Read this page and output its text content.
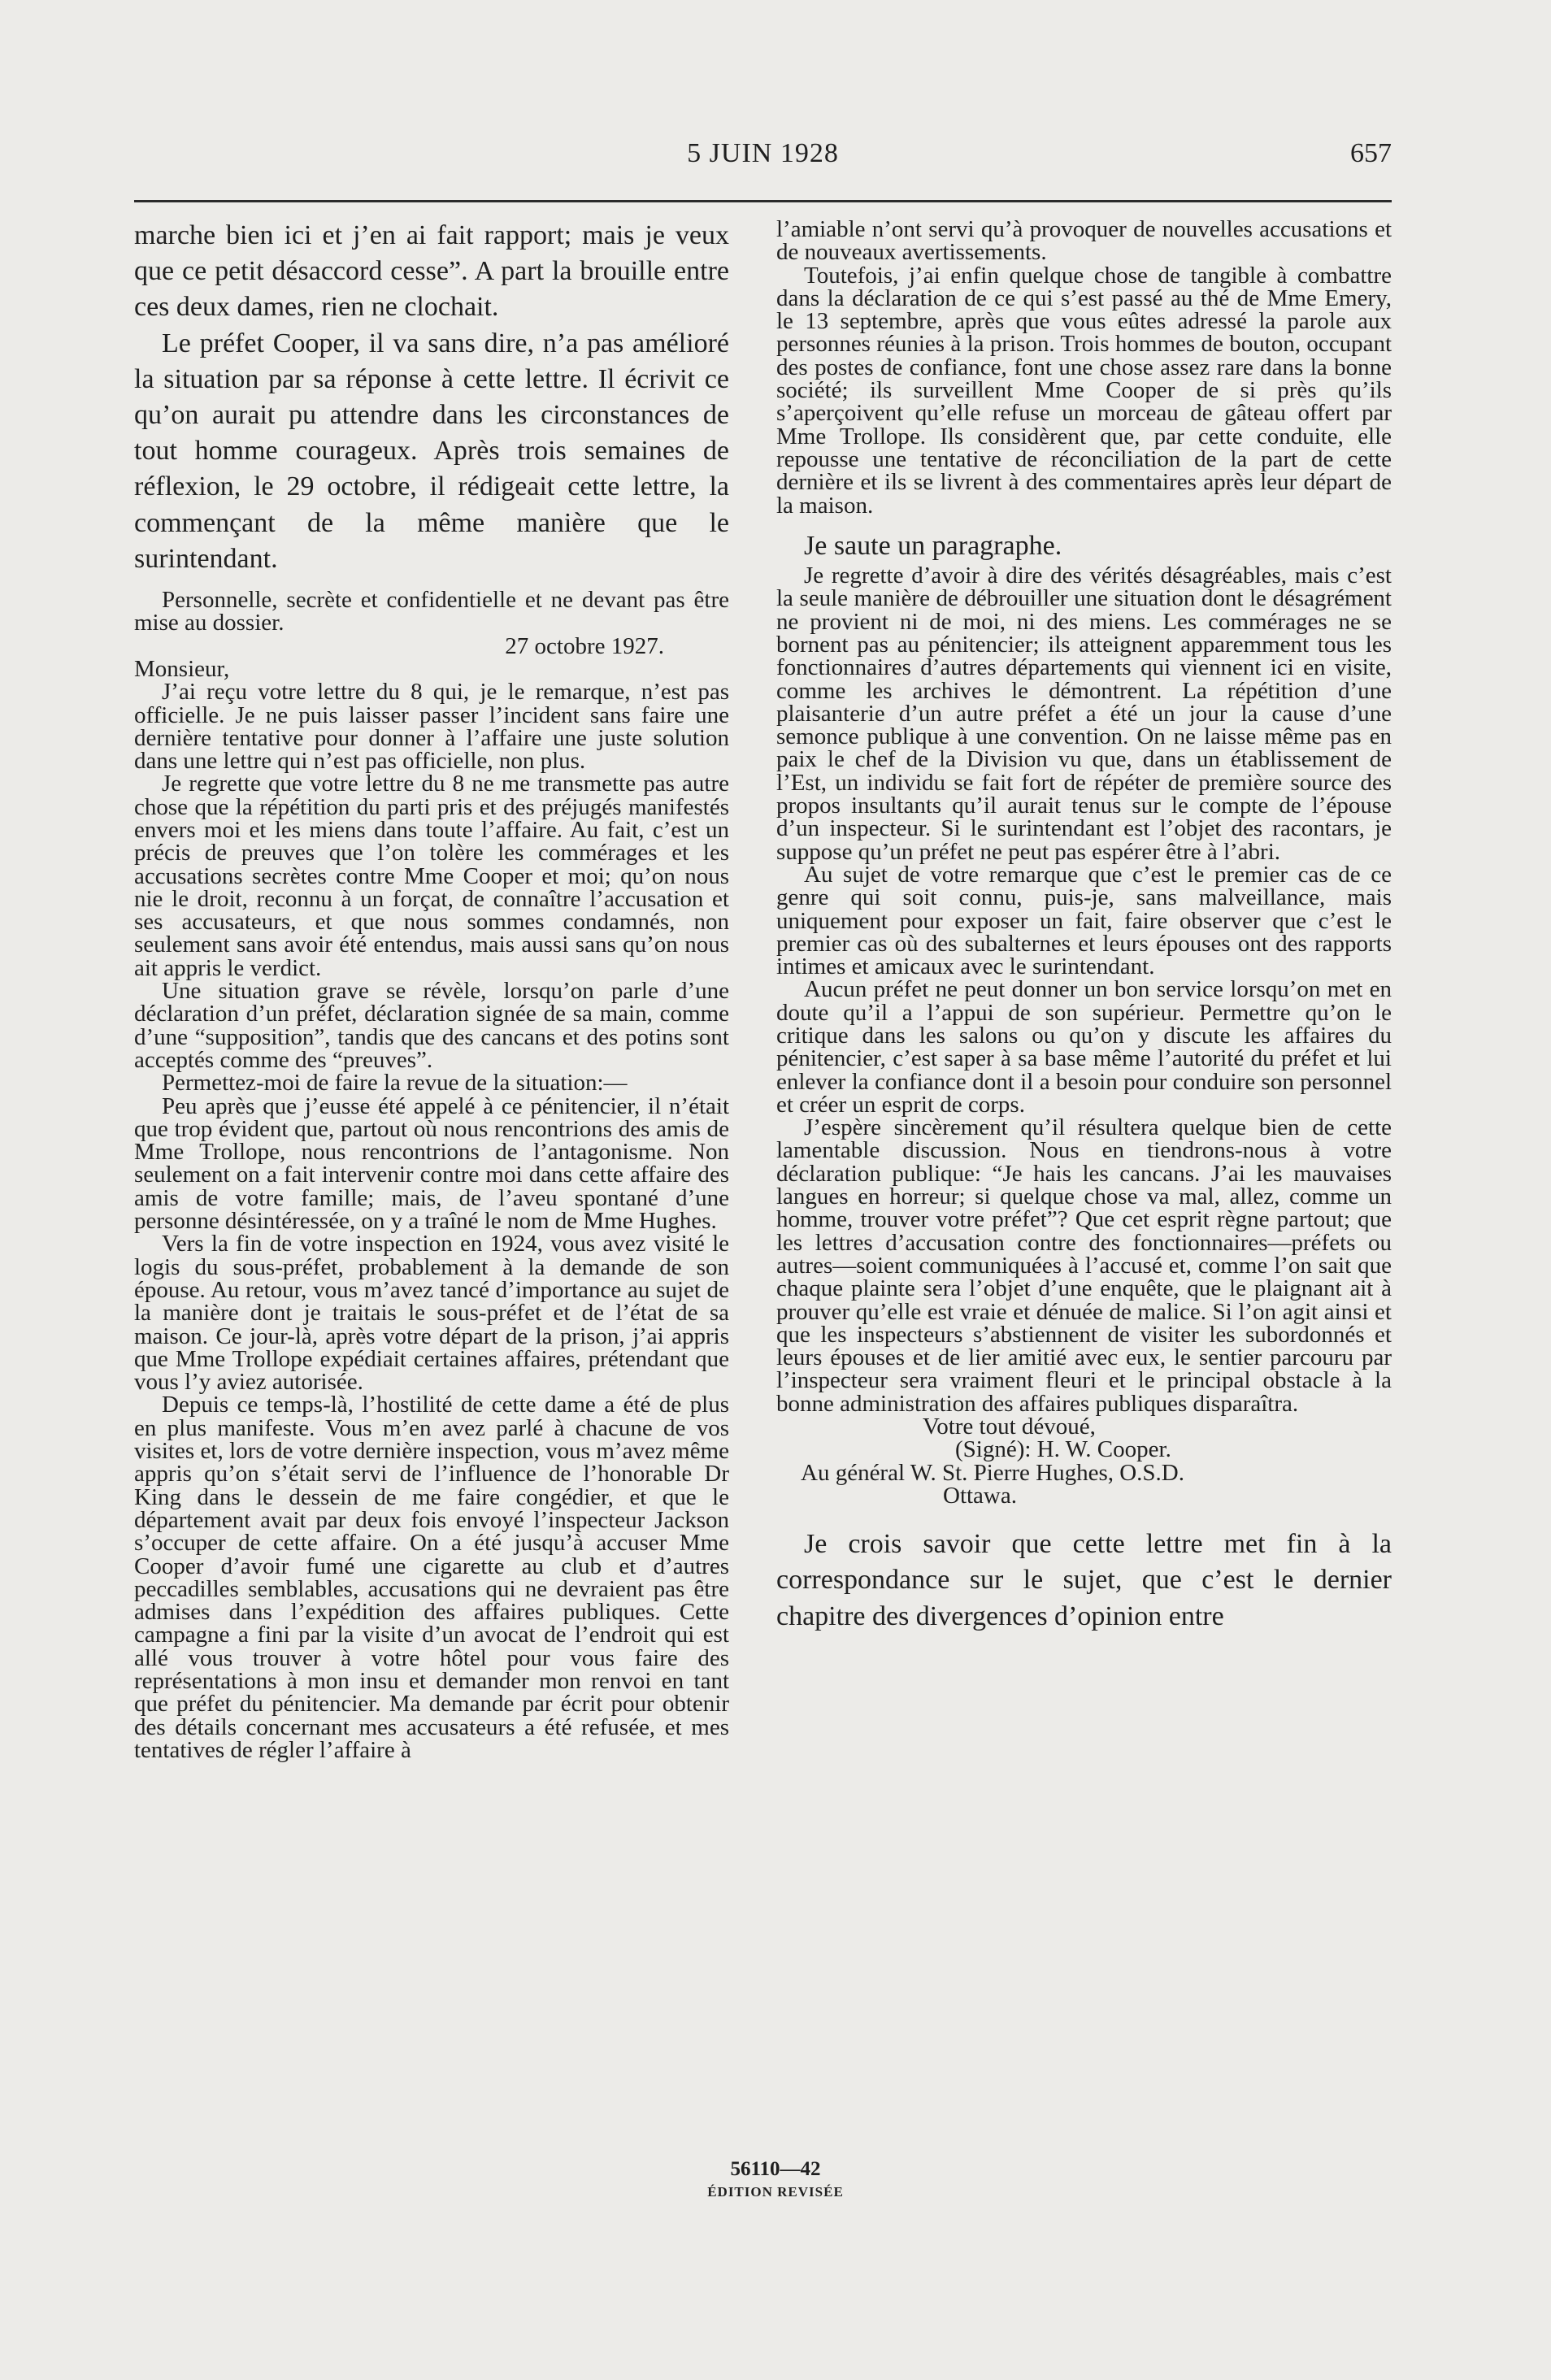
5 JUIN 1928	657

marche bien ici et j’en ai fait rapport; mais je veux que ce petit désaccord cesse”. A part la brouille entre ces deux dames, rien ne clochait.

Le préfet Cooper, il va sans dire, n’a pas amélioré la situation par sa réponse à cette lettre. Il écrivit ce qu’on aurait pu attendre dans les circonstances de tout homme courageux. Après trois semaines de réflexion, le 29 octobre, il rédigeait cette lettre, la commençant de la même manière que le surintendant.

Personnelle, secrète et confidentielle et ne devant pas être mise au dossier.

27 octobre 1927.

Monsieur,

J’ai reçu votre lettre du 8 qui, je le remarque, n’est pas officielle. Je ne puis laisser passer l’incident sans faire une dernière tentative pour donner à l’affaire une juste solution dans une lettre qui n’est pas officielle, non plus.

Je regrette que votre lettre du 8 ne me transmette pas autre chose que la répétition du parti pris et des préjugés manifestés envers moi et les miens dans toute l’affaire. Au fait, c’est un précis de preuves que l’on tolère les commérages et les accusations secrètes contre Mme Cooper et moi; qu’on nous nie le droit, reconnu à un forçat, de connaître l’accusation et ses accusateurs, et que nous sommes condamnés, non seulement sans avoir été entendus, mais aussi sans qu’on nous ait appris le verdict.

Une situation grave se révèle, lorsqu’on parle d’une déclaration d’un préfet, déclaration signée de sa main, comme d’une “supposition”, tandis que des cancans et des potins sont acceptés comme des “preuves”.

Permettez-moi de faire la revue de la situation:—

Peu après que j’eusse été appelé à ce pénitencier, il n’était que trop évident que, partout où nous rencontrions des amis de Mme Trollope, nous rencontrions de l’antagonisme. Non seulement on a fait intervenir contre moi dans cette affaire des amis de votre famille; mais, de l’aveu spontané d’une personne désintéressée, on y a traîné le nom de Mme Hughes.

Vers la fin de votre inspection en 1924, vous avez visité le logis du sous-préfet, probablement à la demande de son épouse. Au retour, vous m’avez tancé d’importance au sujet de la manière dont je traitais le sous-préfet et de l’état de sa maison. Ce jour-là, après votre départ de la prison, j’ai appris que Mme Trollope expédiait certaines affaires, prétendant que vous l’y aviez autorisée.

Depuis ce temps-là, l’hostilité de cette dame a été de plus en plus manifeste. Vous m’en avez parlé à chacune de vos visites et, lors de votre dernière inspection, vous m’avez même appris qu’on s’était servi de l’influence de l’honorable Dr King dans le dessein de me faire congédier, et que le département avait par deux fois envoyé l’inspecteur Jackson s’occuper de cette affaire. On a été jusqu’à accuser Mme Cooper d’avoir fumé une cigarette au club et d’autres peccadilles semblables, accusations qui ne devraient pas être admises dans l’expédition des affaires publiques. Cette campagne a fini par la visite d’un avocat de l’endroit qui est allé vous trouver à votre hôtel pour vous faire des représentations à mon insu et demander mon renvoi en tant que préfet du pénitencier. Ma demande par écrit pour obtenir des détails concernant mes accusateurs a été refusée, et mes tentatives de régler l’affaire à

l’amiable n’ont servi qu’à provoquer de nouvelles accusations et de nouveaux avertissements.

Toutefois, j’ai enfin quelque chose de tangible à combattre dans la déclaration de ce qui s’est passé au thé de Mme Emery, le 13 septembre, après que vous eûtes adressé la parole aux personnes réunies à la prison. Trois hommes de bouton, occupant des postes de confiance, font une chose assez rare dans la bonne société; ils surveillent Mme Cooper de si près qu’ils s’aperçoivent qu’elle refuse un morceau de gâteau offert par Mme Trollope. Ils considèrent que, par cette conduite, elle repousse une tentative de réconciliation de la part de cette dernière et ils se livrent à des commentaires après leur départ de la maison.

Je saute un paragraphe.

Je regrette d’avoir à dire des vérités désagréables, mais c’est la seule manière de débrouiller une situation dont le désagrément ne provient ni de moi, ni des miens. Les commérages ne se bornent pas au pénitencier; ils atteignent apparemment tous les fonctionnaires d’autres départements qui viennent ici en visite, comme les archives le démontrent. La répétition d’une plaisanterie d’un autre préfet a été un jour la cause d’une semonce publique à une convention. On ne laisse même pas en paix le chef de la Division vu que, dans un établissement de l’Est, un individu se fait fort de répéter de première source des propos insultants qu’il aurait tenus sur le compte de l’épouse d’un inspecteur. Si le surintendant est l’objet des racontars, je suppose qu’un préfet ne peut pas espérer être à l’abri.

Au sujet de votre remarque que c’est le premier cas de ce genre qui soit connu, puis-je, sans malveillance, mais uniquement pour exposer un fait, faire observer que c’est le premier cas où des subalternes et leurs épouses ont des rapports intimes et amicaux avec le surintendant.

Aucun préfet ne peut donner un bon service lorsqu’on met en doute qu’il a l’appui de son supérieur. Permettre qu’on le critique dans les salons ou qu’on y discute les affaires du pénitencier, c’est saper à sa base même l’autorité du préfet et lui enlever la confiance dont il a besoin pour conduire son personnel et créer un esprit de corps.

J’espère sincèrement qu’il résultera quelque bien de cette lamentable discussion. Nous en tiendrons-nous à votre déclaration publique: “Je hais les cancans. J’ai les mauvaises langues en horreur; si quelque chose va mal, allez, comme un homme, trouver votre préfet”? Que cet esprit règne partout; que les lettres d’accusation contre des fonctionnaires—préfets ou autres—soient communiquées à l’accusé et, comme l’on sait que chaque plainte sera l’objet d’une enquête, que le plaignant ait à prouver qu’elle est vraie et dénuée de malice. Si l’on agit ainsi et que les inspecteurs s’abstiennent de visiter les subordonnés et leurs épouses et de lier amitié avec eux, le sentier parcouru par l’inspecteur sera vraiment fleuri et le principal obstacle à la bonne administration des affaires publiques disparaîtra.

Votre tout dévoué,

(Signé): H. W. Cooper.

Au général W. St. Pierre Hughes, O.S.D.

Ottawa.

Je crois savoir que cette lettre met fin à la correspondance sur le sujet, que c’est le dernier chapitre des divergences d’opinion entre

56110—42
ÉDITION REVISÉE
